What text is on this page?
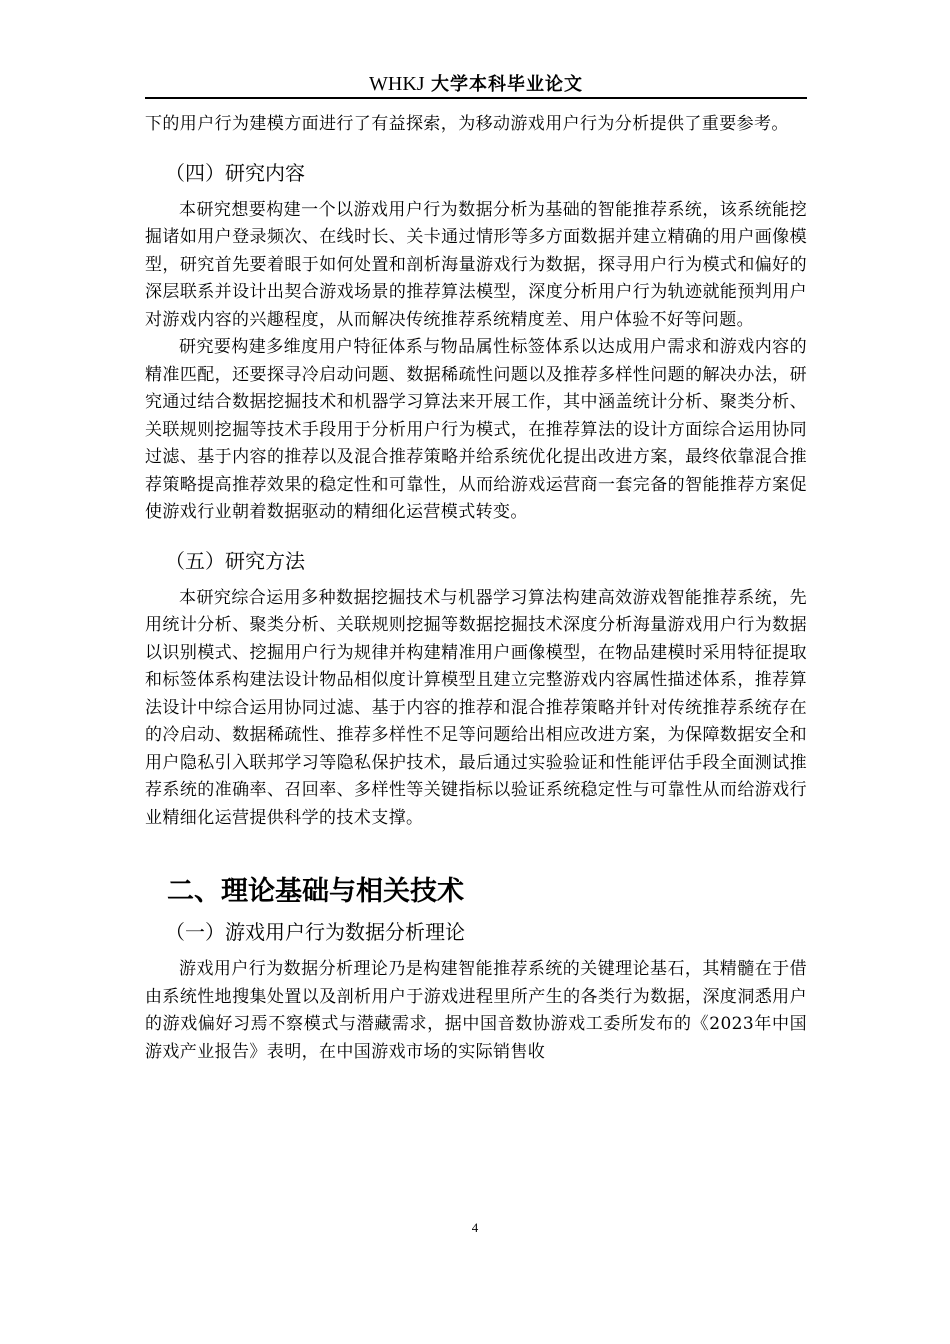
WHKJ 大学本科毕业论文

下的用户行为建模方面进行了有益探索，为移动游戏用户行为分析提供了重要参考。

（四）研究内容

本研究想要构建一个以游戏用户行为数据分析为基础的智能推荐系统，该系统能挖掘诸如用户登录频次、在线时长、关卡通过情形等多方面数据并建立精确的用户画像模型，研究首先要着眼于如何处置和剖析海量游戏行为数据，探寻用户行为模式和偏好的深层联系并设计出契合游戏场景的推荐算法模型，深度分析用户行为轨迹就能预判用户对游戏内容的兴趣程度，从而解决传统推荐系统精度差、用户体验不好等问题。

研究要构建多维度用户特征体系与物品属性标签体系以达成用户需求和游戏内容的精准匹配，还要探寻冷启动问题、数据稀疏性问题以及推荐多样性问题的解决办法，研究通过结合数据挖掘技术和机器学习算法来开展工作，其中涵盖统计分析、聚类分析、关联规则挖掘等技术手段用于分析用户行为模式，在推荐算法的设计方面综合运用协同过滤、基于内容的推荐以及混合推荐策略并给系统优化提出改进方案，最终依靠混合推荐策略提高推荐效果的稳定性和可靠性，从而给游戏运营商一套完备的智能推荐方案促使游戏行业朝着数据驱动的精细化运营模式转变。

（五）研究方法

本研究综合运用多种数据挖掘技术与机器学习算法构建高效游戏智能推荐系统，先用统计分析、聚类分析、关联规则挖掘等数据挖掘技术深度分析海量游戏用户行为数据以识别模式、挖掘用户行为规律并构建精准用户画像模型，在物品建模时采用特征提取和标签体系构建法设计物品相似度计算模型且建立完整游戏内容属性描述体系，推荐算法设计中综合运用协同过滤、基于内容的推荐和混合推荐策略并针对传统推荐系统存在的冷启动、数据稀疏性、推荐多样性不足等问题给出相应改进方案，为保障数据安全和用户隐私引入联邦学习等隐私保护技术，最后通过实验验证和性能评估手段全面测试推荐系统的准确率、召回率、多样性等关键指标以验证系统稳定性与可靠性从而给游戏行业精细化运营提供科学的技术支撑。

二、理论基础与相关技术
（一）游戏用户行为数据分析理论

游戏用户行为数据分析理论乃是构建智能推荐系统的关键理论基石，其精髓在于借由系统性地搜集处置以及剖析用户于游戏进程里所产生的各类行为数据，深度洞悉用户的游戏偏好习焉不察模式与潜藏需求，据中国音数协游戏工委所发布的《2023年中国游戏产业报告》表明，在中国游戏市场的实际销售收

4
